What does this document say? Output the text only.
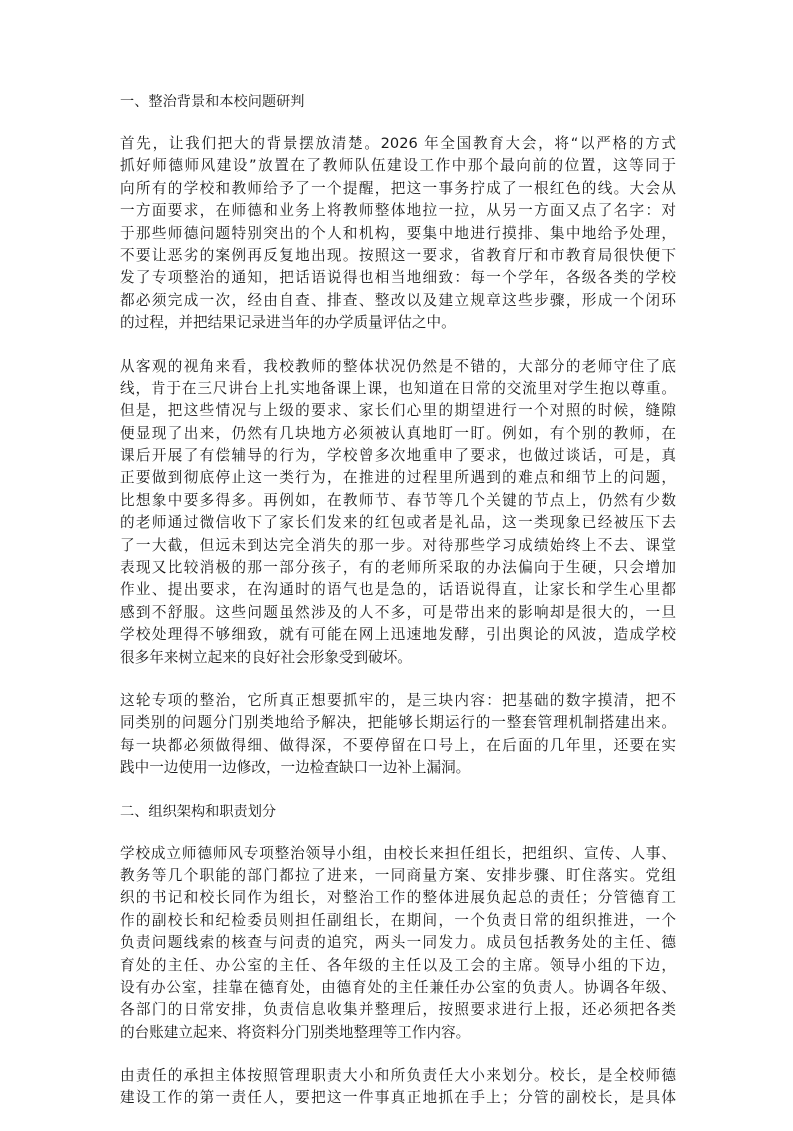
一、整治背景和本校问题研判
首先，让我们把大的背景摆放清楚。2026 年全国教育大会，将“以严格的方式
抓好师德师风建设”放置在了教师队伍建设工作中那个最向前的位置，这等同于
向所有的学校和教师给予了一个提醒，把这一事务拧成了一根红色的线。大会从
一方面要求，在师德和业务上将教师整体地拉一拉，从另一方面又点了名字：对
于那些师德问题特别突出的个人和机构，要集中地进行摸排、集中地给予处理，
不要让恶劣的案例再反复地出现。按照这一要求，省教育厅和市教育局很快便下
发了专项整治的通知，把话语说得也相当地细致：每一个学年，各级各类的学校
都必须完成一次，经由自查、排查、整改以及建立规章这些步骤，形成一个闭环
的过程，并把结果记录进当年的办学质量评估之中。
从客观的视角来看，我校教师的整体状况仍然是不错的，大部分的老师守住了底
线，肯于在三尺讲台上扎实地备课上课，也知道在日常的交流里对学生抱以尊重。
但是，把这些情况与上级的要求、家长们心里的期望进行一个对照的时候，缝隙
便显现了出来，仍然有几块地方必须被认真地盯一盯。例如，有个别的教师，在
课后开展了有偿辅导的行为，学校曾多次地重申了要求，也做过谈话，可是，真
正要做到彻底停止这一类行为，在推进的过程里所遇到的难点和细节上的问题，
比想象中要多得多。再例如，在教师节、春节等几个关键的节点上，仍然有少数
的老师通过微信收下了家长们发来的红包或者是礼品，这一类现象已经被压下去
了一大截，但远未到达完全消失的那一步。对待那些学习成绩始终上不去、课堂
表现又比较消极的那一部分孩子，有的老师所采取的办法偏向于生硬，只会增加
作业、提出要求，在沟通时的语气也是急的，话语说得直，让家长和学生心里都
感到不舒服。这些问题虽然涉及的人不多，可是带出来的影响却是很大的，一旦
学校处理得不够细致，就有可能在网上迅速地发酵，引出舆论的风波，造成学校
很多年来树立起来的良好社会形象受到破坏。
这轮专项的整治，它所真正想要抓牢的，是三块内容：把基础的数字摸清，把不
同类别的问题分门别类地给予解决，把能够长期运行的一整套管理机制搭建出来。
每一块都必须做得细、做得深，不要停留在口号上，在后面的几年里，还要在实
践中一边使用一边修改，一边检查缺口一边补上漏洞。
二、组织架构和职责划分
学校成立师德师风专项整治领导小组，由校长来担任组长，把组织、宣传、人事、
教务等几个职能的部门都拉了进来，一同商量方案、安排步骤、盯住落实。党组
织的书记和校长同作为组长，对整治工作的整体进展负起总的责任；分管德育工
作的副校长和纪检委员则担任副组长，在期间，一个负责日常的组织推进，一个
负责问题线索的核查与问责的追究，两头一同发力。成员包括教务处的主任、德
育处的主任、办公室的主任、各年级的主任以及工会的主席。领导小组的下边，
设有办公室，挂靠在德育处，由德育处的主任兼任办公室的负责人。协调各年级、
各部门的日常安排，负责信息收集并整理后，按照要求进行上报，还必须把各类
的台账建立起来、将资料分门别类地整理等工作内容。
由责任的承担主体按照管理职责大小和所负责任大小来划分。校长，是全校师德
建设工作的第一责任人，要把这一件事真正地抓在手上；分管的副校长，是具体
